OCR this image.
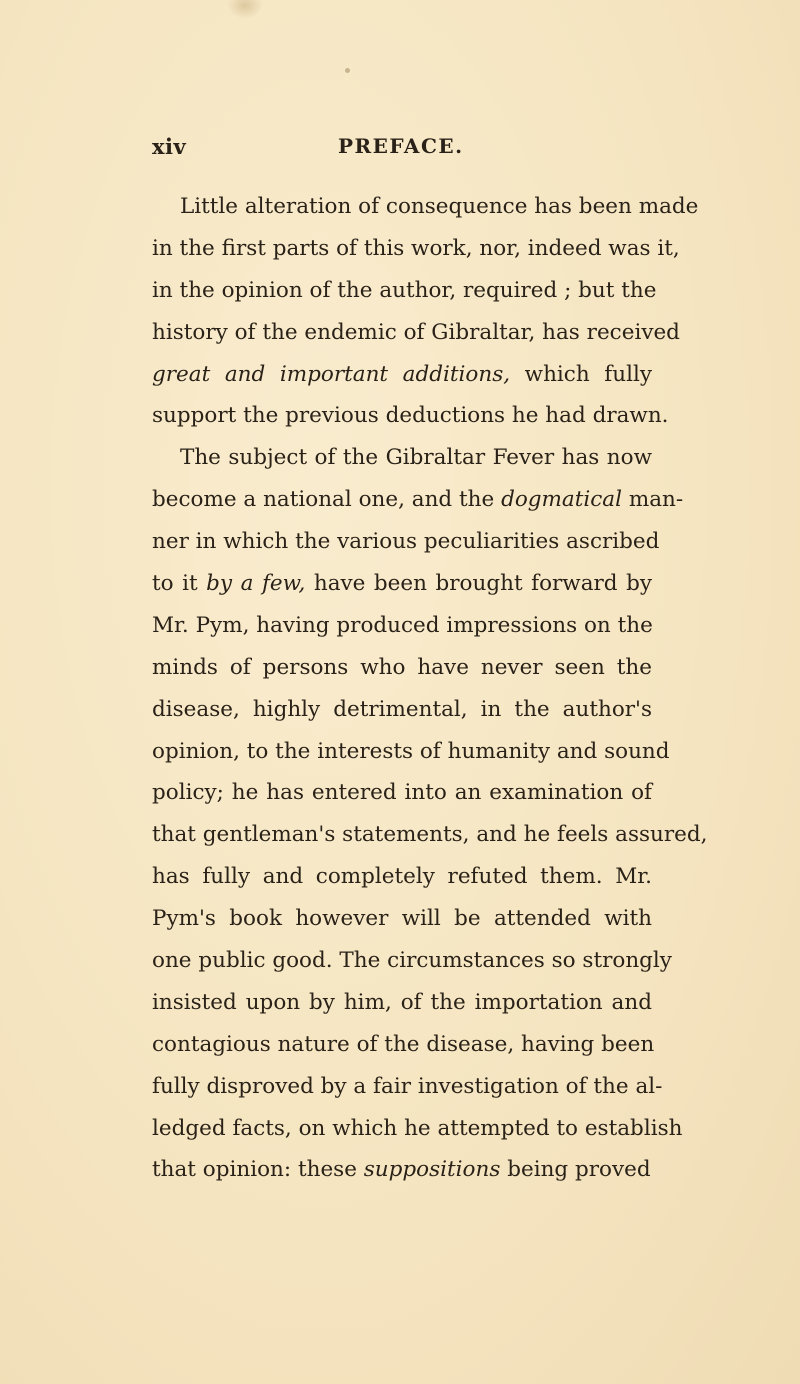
xiv	PREFACE.
Little alteration of consequence has been made
in the first parts of this work, nor, indeed was it,
in the opinion of the author, required ; but the
history of the endemic of Gibraltar, has received
great and important additions, which fully
support the previous deductions he had drawn.
The subject of the Gibraltar Fever has now
become a national one, and the dogmatical man-
ner in which the various peculiarities ascribed
to it by a few, have been brought forward by
Mr. Pym, having produced impressions on the
minds of persons who have never seen the
disease, highly detrimental, in the author's
opinion, to the interests of humanity and sound
policy; he has entered into an examination of
that gentleman's statements, and he feels assured,
has fully and completely refuted them. Mr.
Pym's book however will be attended with
one public good. The circumstances so strongly
insisted upon by him, of the importation and
contagious nature of the disease, having been
fully disproved by a fair investigation of the al-
ledged facts, on which he attempted to establish
that opinion: these suppositions being proved
